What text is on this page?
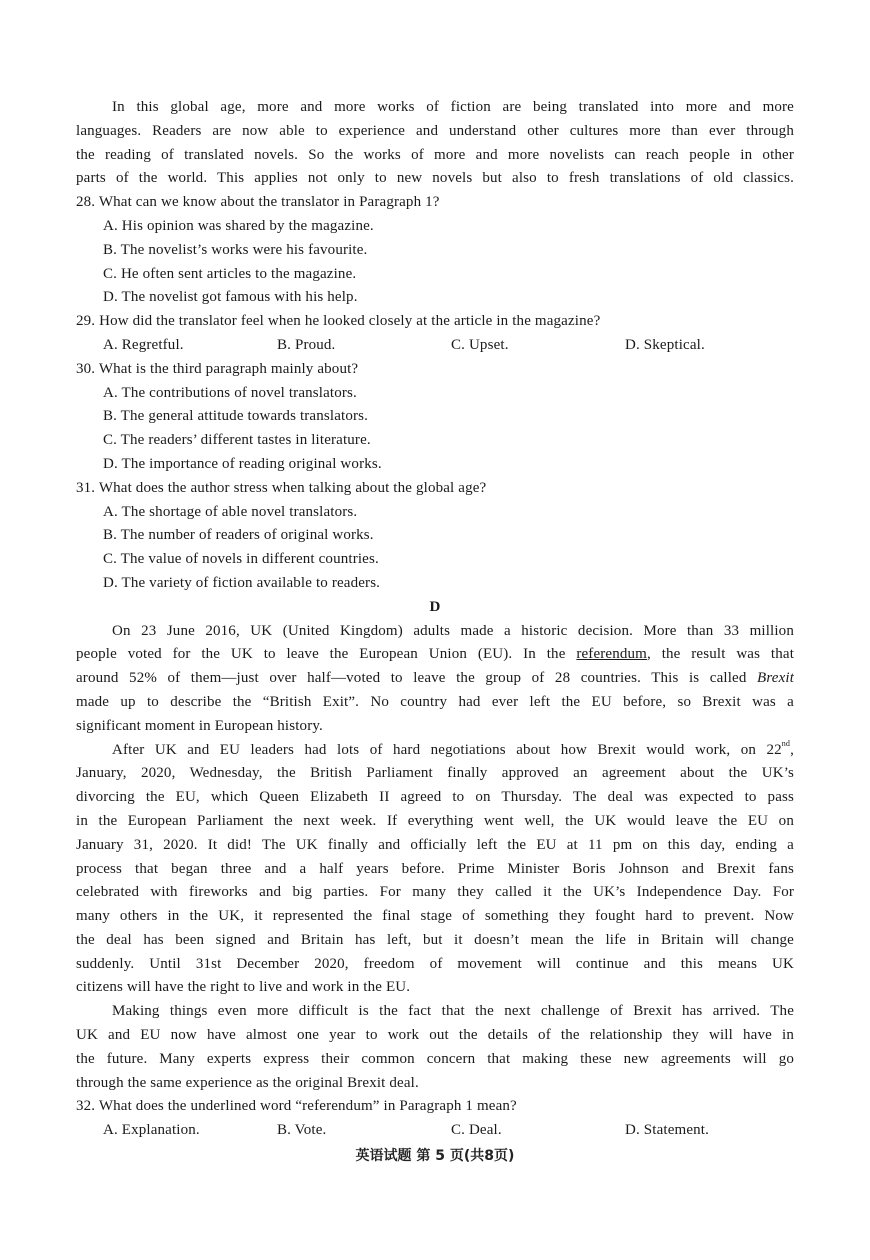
In this global age, more and more works of fiction are being translated into more and more
languages. Readers are now able to experience and understand other cultures more than ever through
the reading of translated novels. So the works of more and more novelists can reach people in other
parts of the world. This applies not only to new novels but also to fresh translations of old classics.
28. What can we know about the translator in Paragraph 1?
A. His opinion was shared by the magazine.
B. The novelist’s works were his favourite.
C. He often sent articles to the magazine.
D. The novelist got famous with his help.
29. How did the translator feel when he looked closely at the article in the magazine?
A. Regretful.	B. Proud.	C. Upset.	D. Skeptical.
30. What is the third paragraph mainly about?
A. The contributions of novel translators.
B. The general attitude towards translators.
C. The readers’ different tastes in literature.
D. The importance of reading original works.
31. What does the author stress when talking about the global age?
A. The shortage of able novel translators.
B. The number of readers of original works.
C. The value of novels in different countries.
D. The variety of fiction available to readers.
D
On 23 June 2016, UK (United Kingdom) adults made a historic decision. More than 33 million
people voted for the UK to leave the European Union (EU). In the referendum, the result was that
around 52% of them—just over half—voted to leave the group of 28 countries. This is called Brexit
made up to describe the “British Exit”. No country had ever left the EU before, so Brexit was a
significant moment in European history.
After UK and EU leaders had lots of hard negotiations about how Brexit would work, on 22nd,
January, 2020, Wednesday, the British Parliament finally approved an agreement about the UK’s
divorcing the EU, which Queen Elizabeth II agreed to on Thursday. The deal was expected to pass
in the European Parliament the next week. If everything went well, the UK would leave the EU on
January 31, 2020. It did! The UK finally and officially left the EU at 11 pm on this day, ending a
process that began three and a half years before. Prime Minister Boris Johnson and Brexit fans
celebrated with fireworks and big parties. For many they called it the UK’s Independence Day. For
many others in the UK, it represented the final stage of something they fought hard to prevent. Now
the deal has been signed and Britain has left, but it doesn’t mean the life in Britain will change
suddenly. Until 31st December 2020, freedom of movement will continue and this means UK
citizens will have the right to live and work in the EU.
Making things even more difficult is the fact that the next challenge of Brexit has arrived. The
UK and EU now have almost one year to work out the details of the relationship they will have in
the future. Many experts express their common concern that making these new agreements will go
through the same experience as the original Brexit deal.
32. What does the underlined word “referendum” in Paragraph 1 mean?
A. Explanation.	B. Vote.	C. Deal.	D. Statement.
英语试题 第 5 页(共8页)
